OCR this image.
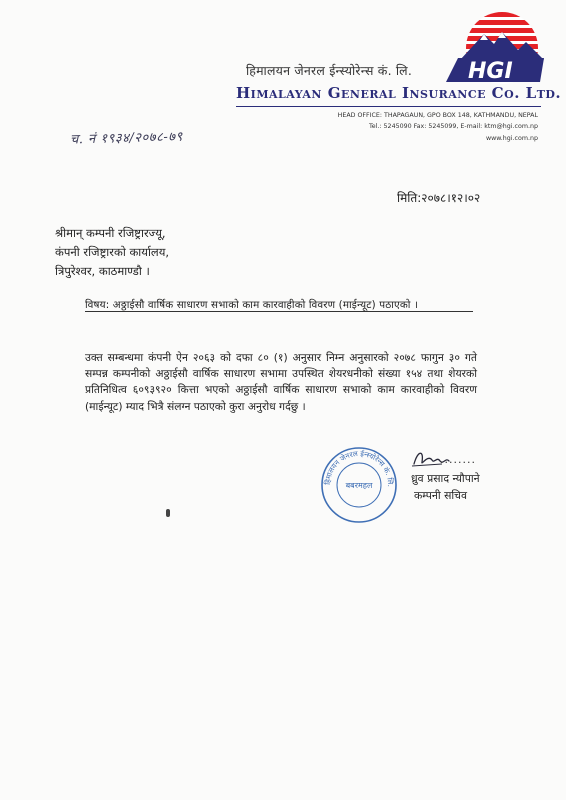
हिमालयन जेनरल ईन्स्योरेन्स कं. लि.
Himalayan General Insurance Co. Ltd.
HEAD OFFICE: THAPAGAUN, GPO BOX 148, KATHMANDU, NEPAL
Tel.: 5245090 Fax: 5245099, E-mail: ktm@hgi.com.np
www.hgi.com.np
HGI
च. नं १९३४/२०७८-७९
मिति:२०७८।१२।०२
श्रीमान् कम्पनी रजिष्ट्रारज्यू,
कंपनी रजिष्ट्रारको कार्यालय,
त्रिपुरेश्वर, काठमाण्डौ ।
विषय: अठ्ठाईसौ वार्षिक साधारण सभाको काम कारवाहीको विवरण (माईन्यूट) पठाएको ।
उक्त सम्बन्धमा कंपनी ऐन २०६३ को दफा ८० (१) अनुसार निम्न अनुसारको २०७८ फागुन ३० गते सम्पन्न कम्पनीको अठ्ठाईसौ वार्षिक साधारण सभामा उपस्थित शेयरधनीको संख्या १५४ तथा शेयरको प्रतिनिधित्व ६०९३९२० कित्ता भएको अठ्ठाईसौ वार्षिक साधारण सभाको काम कारवाहीको विवरण (माईन्यूट) म्याद भित्रै संलग्न पठाएको कुरा अनुरोध गर्दछु ।
हिमालयन जेनरल ईन्स्योरेन्स कं. लि.
बबरमहल
........
ध्रुव प्रसाद न्यौपाने
कम्पनी सचिव
